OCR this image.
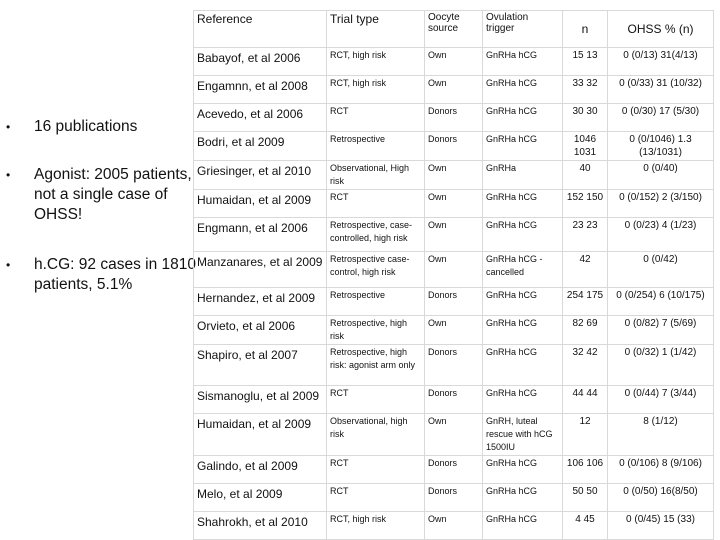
• 16 publications
• Agonist: 2005 patients, not a single case of OHSS!
• h.CG: 92 cases in 1810 patients, 5.1%
Reference	Trial type	Oocyte source	Ovulation trigger	n	OHSS % (n)
Babayof, et al 2006	RCT, high risk	Own	GnRHa hCG	15 13	0 (0/13) 31(4/13)
Engamnn, et al 2008	RCT, high risk	Own	GnRHa hCG	33 32	0 (0/33) 31 (10/32)
Acevedo, et al 2006	RCT	Donors	GnRHa hCG	30 30	0 (0/30) 17 (5/30)
Bodri, et al 2009	Retrospective	Donors	GnRHa hCG	1046 1031	0 (0/1046) 1.3 (13/1031)
Griesinger, et al 2010	Observational, High risk	Own	GnRHa	40	0 (0/40)
Humaidan, et al 2009	RCT	Own	GnRHa hCG	152 150	0 (0/152) 2 (3/150)
Engmann, et al 2006	Retrospective, case-controlled, high risk	Own	GnRHa hCG	23 23	0 (0/23) 4 (1/23)
Manzanares, et al 2009	Retrospective case-control, high risk	Own	GnRHa hCG - cancelled	42	0 (0/42)
Hernandez, et al 2009	Retrospective	Donors	GnRHa hCG	254 175	0 (0/254) 6 (10/175)
Orvieto, et al 2006	Retrospective, high risk	Own	GnRHa hCG	82 69	0 (0/82) 7 (5/69)
Shapiro, et al 2007	Retrospective, high risk: agonist arm only	Donors	GnRHa hCG	32 42	0 (0/32) 1 (1/42)
Sismanoglu, et al 2009	RCT	Donors	GnRHa hCG	44 44	0 (0/44) 7 (3/44)
Humaidan, et al 2009	Observational, high risk	Own	GnRH, luteal rescue with hCG 1500IU	12	8 (1/12)
Galindo, et al 2009	RCT	Donors	GnRHa hCG	106 106	0 (0/106) 8 (9/106)
Melo, et al 2009	RCT	Donors	GnRHa hCG	50 50	0 (0/50) 16(8/50)
Shahrokh, et al 2010	RCT, high risk	Own	GnRHa hCG	4 45	0 (0/45) 15 (33)
